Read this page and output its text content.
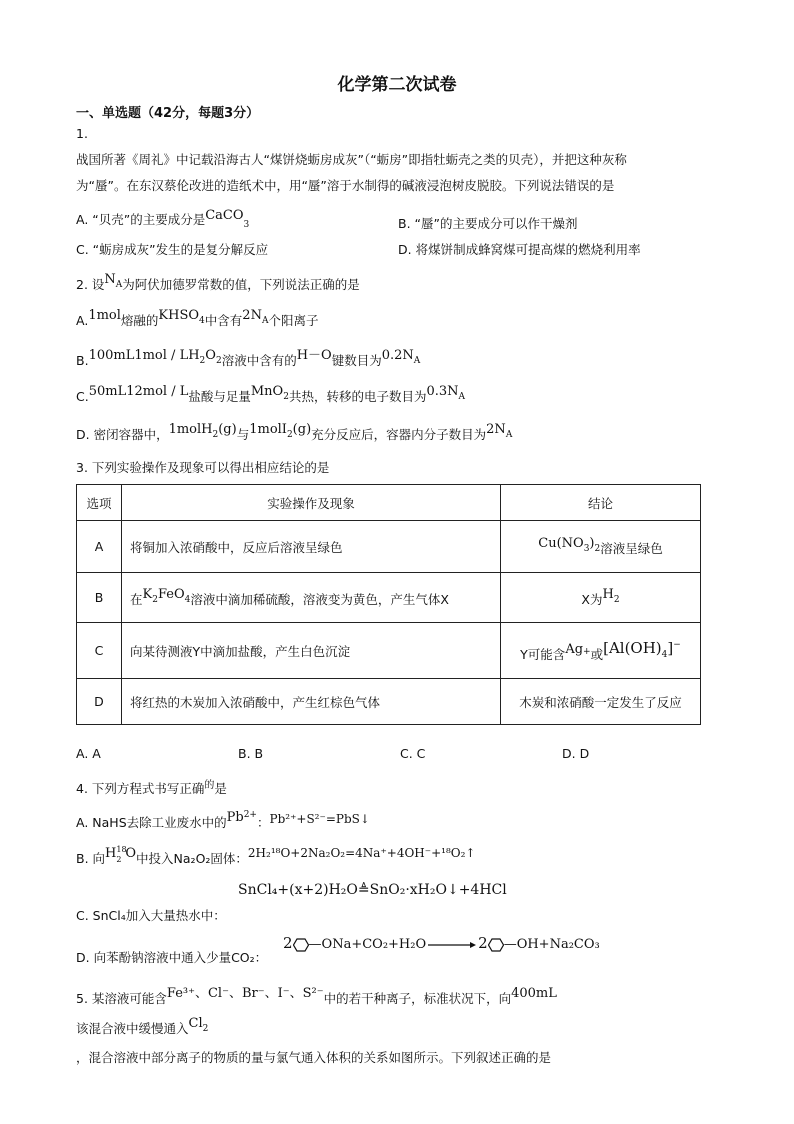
化学第二次试卷
一、单选题（42分，每题3分）
1.
战国所著《周礼》中记载沿海古人“煤饼烧蛎房成灰”（“蛎房”即指牡蛎壳之类的贝壳），并把这种灰称
为“蜃”。在东汉蔡伦改进的造纸术中，用“蜃”溶于水制得的碱液浸泡树皮脱胶。下列说法错误的是
A. “贝壳”的主要成分是CaCO$_3$	B. “蜃”的主要成分可以作干燥剂
C. “蛎房成灰”发生的是复分解反应	D. 将煤饼制成蜂窝煤可提高煤的燃烧利用率
2. 设$N^A$为阿伏加德罗常数的值，下列说法正确的是
A.1mol熔融的KHSO$^4$中含有$2N^A$个阳离子
$B.100mL1mol / LH^2O^2$溶液中含有的H－O键数目为$0.2N^A$
C.50mL12mol / L盐酸与足量MnO$^2$共热，转移的电子数目为$0.3N^A$
D. 密闭容器中，1molH$^2$(g)与1molI$^2$(g)充分反应后，容器内分子数目为$2N^A$
3. 下列实验操作及现象可以得出相应结论的是
选项	实验操作及现象	结论
A	将铜加入浓硝酸中，反应后溶液呈绿色	$Cu(NO^3)^2$溶液呈绿色
B	在$K^2FeO^4$溶液中滴加稀硫酸，溶液变为黄色，产生气体X	X为$H^2$
C	向某待测液Y中滴加盐酸，产生白色沉淀	Y可能含Ag+或[Al(OH)$^4$]−
D	将红热的木炭加入浓硝酸中，产生红棕色气体	木炭和浓硝酸一定发生了反应
A. A	B. B	C. C	D. D
4. 下列方程式书写正确$^的$是
A. NaHS去除工业废水中的$Pb^{2+}$：Pb²⁺+S²⁻=PbS↓
B. 向H 18
2 O中投入Na₂O₂固体：2H₂¹⁸O+2Na₂O₂=4Na⁺+4OH⁻+¹⁸O₂↑
SnCl₄+(x+2)H₂O≜SnO₂·xH₂O↓+4HCl
C. SnCl₄加入大量热水中：
D. 向苯酚钠溶液中通入少量CO₂：
2 —ONa+CO₂+H₂O	2 —OH+Na₂CO₃
5. 某溶液可能含Fe³⁺、Cl⁻、Br⁻、I⁻、S²⁻中的若干种离子，标准状况下，向400mL
该混合液中缓慢通入Cl$^2$
，混合溶液中部分离子的物质的量与氯气通入体积的关系如图所示。下列叙述正确的是
